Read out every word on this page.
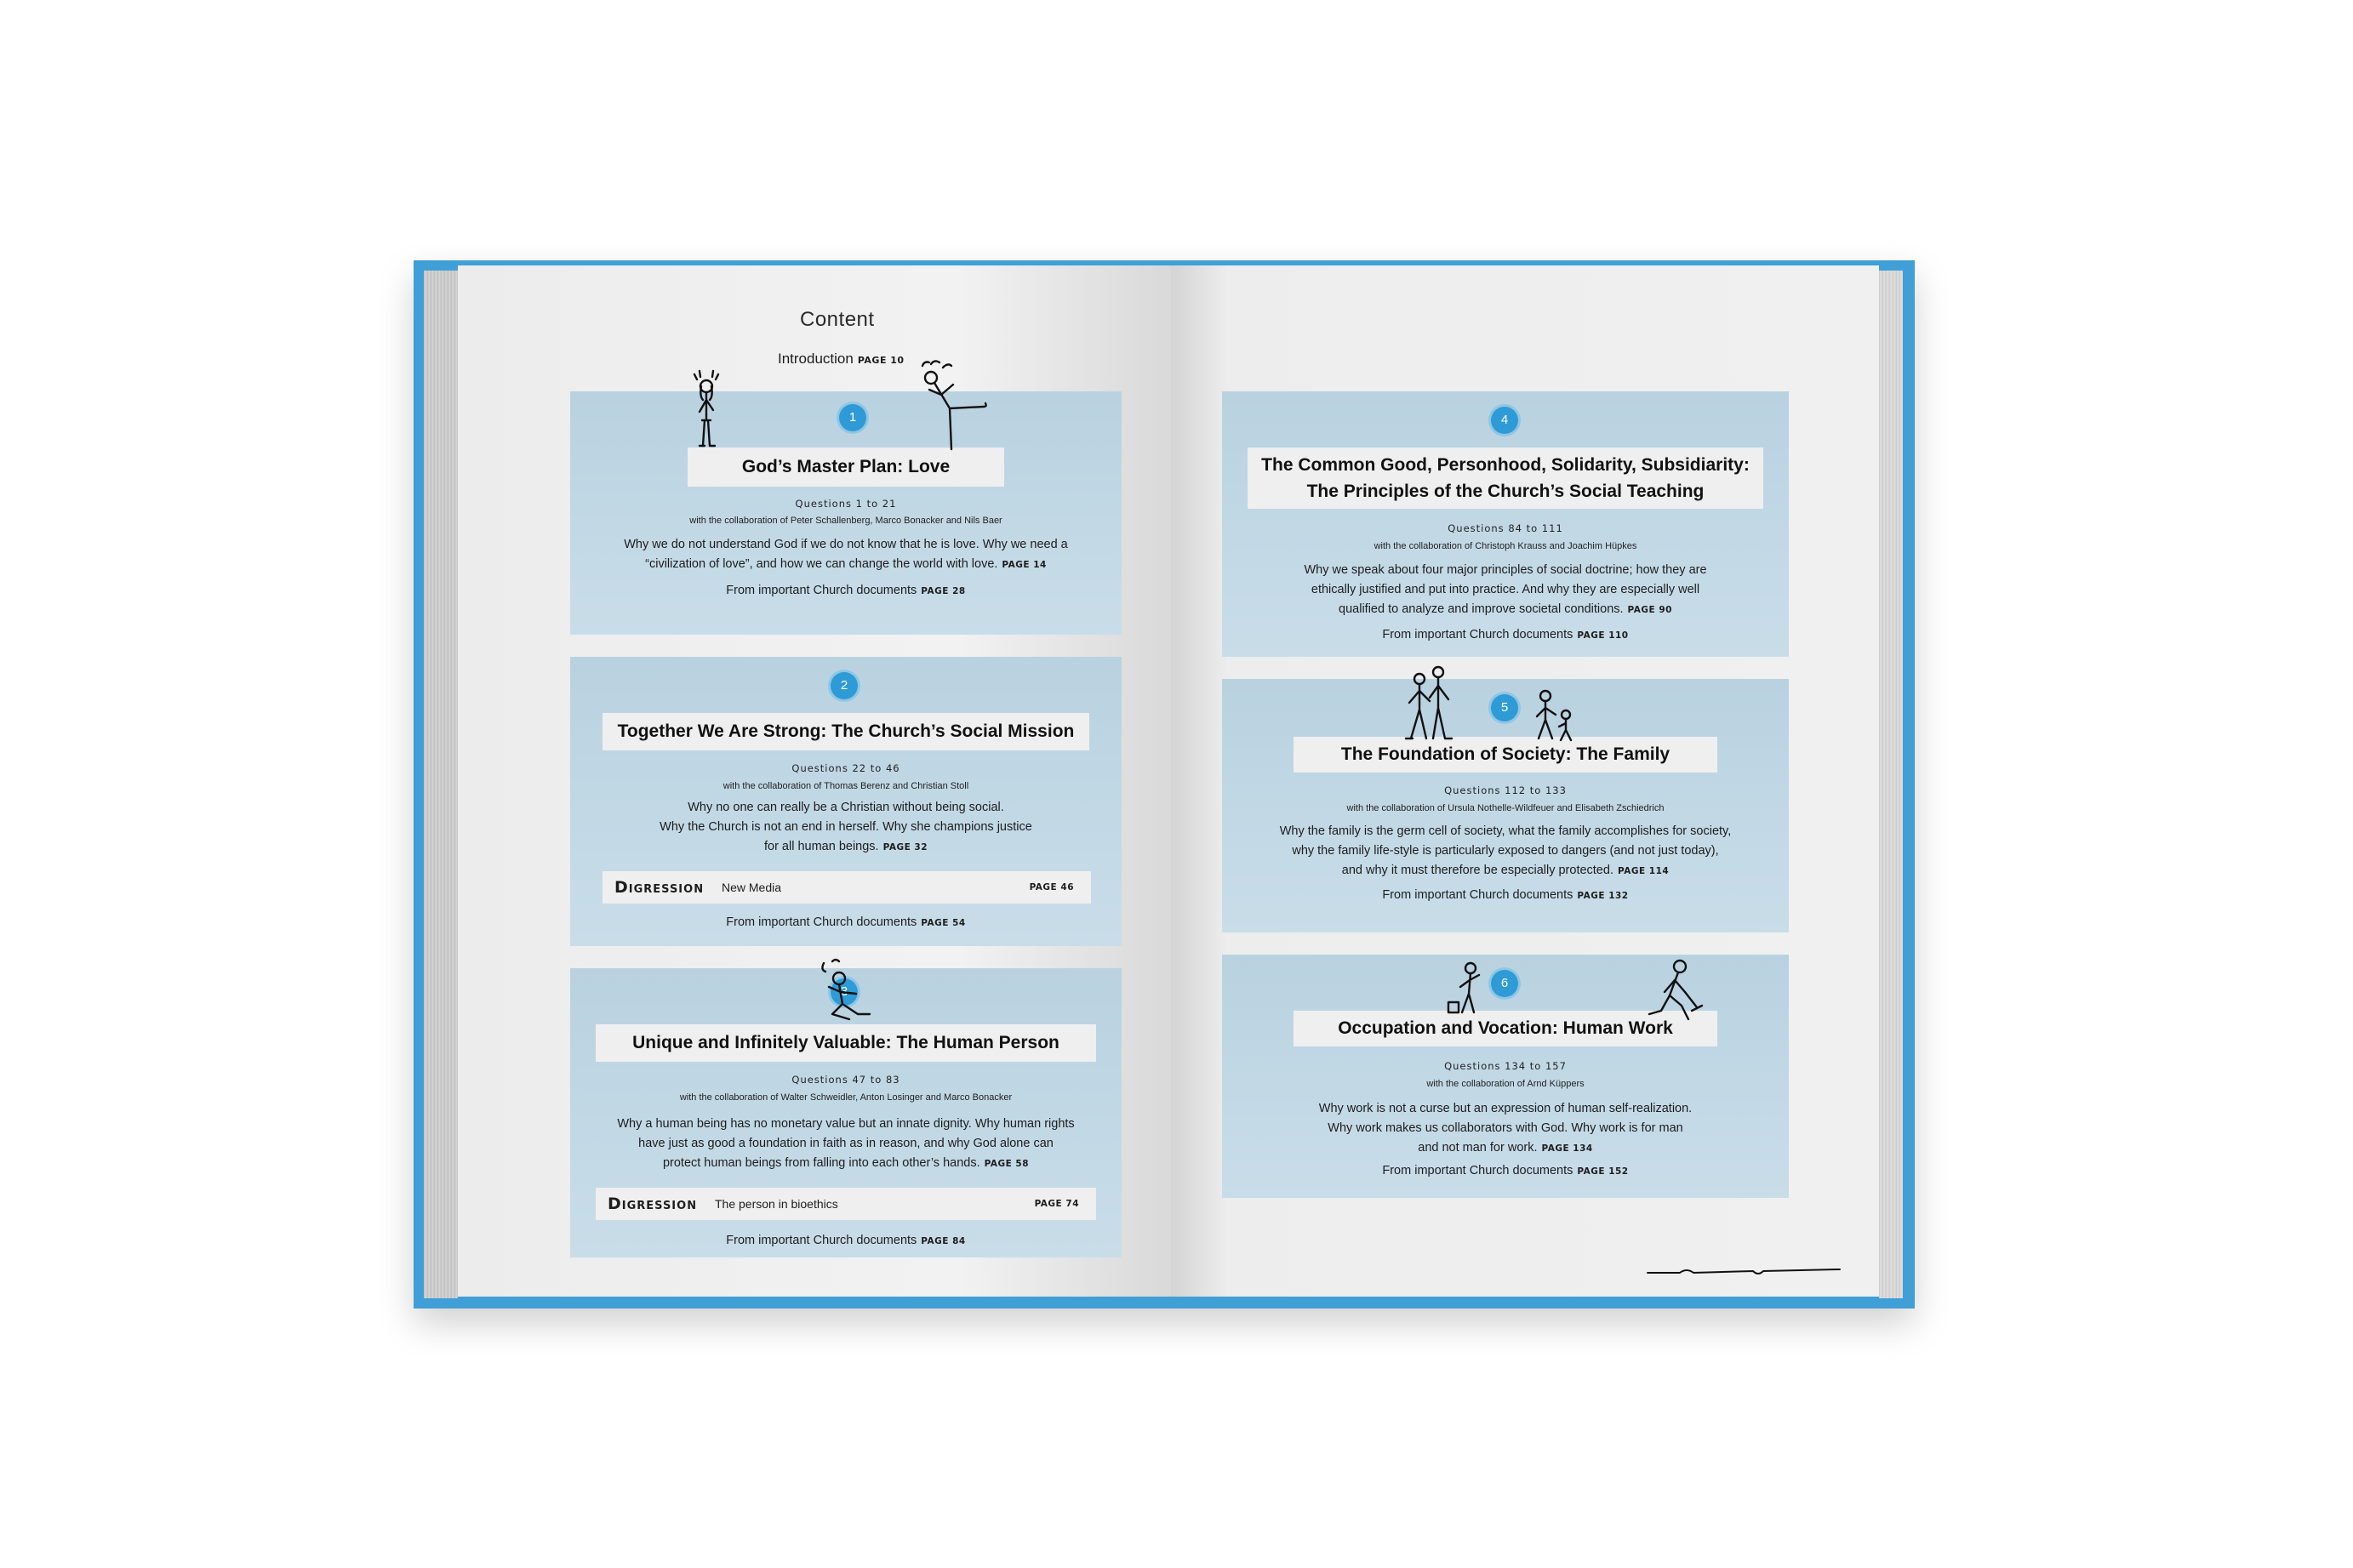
Content
Introduction PAGE 10
1
God’s Master Plan: Love
Questions 1 to 21
with the collaboration of Peter Schallenberg, Marco Bonacker and Nils Baer
Why we do not understand God if we do not know that he is love. Why we need a
“civilization of love”, and how we can change the world with love. PAGE 14
From important Church documents PAGE 28
2
Together We Are Strong: The Church’s Social Mission
Questions 22 to 46
with the collaboration of Thomas Berenz and Christian Stoll
Why no one can really be a Christian without being social.
Why the Church is not an end in herself. Why she champions justice
for all human beings. PAGE 32
Digression New Media	PAGE 46
From important Church documents PAGE 54
3
Unique and Infinitely Valuable: The Human Person
Questions 47 to 83
with the collaboration of Walter Schweidler, Anton Losinger and Marco Bonacker
Why a human being has no monetary value but an innate dignity. Why human rights
have just as good a foundation in faith as in reason, and why God alone can
protect human beings from falling into each other’s hands. PAGE 58
Digression The person in bioethics	PAGE 74
From important Church documents PAGE 84
4
The Common Good, Personhood, Solidarity, Subsidiarity:
The Principles of the Church’s Social Teaching
Questions 84 to 111
with the collaboration of Christoph Krauss and Joachim Hüpkes
Why we speak about four major principles of social doctrine; how they are
ethically justified and put into practice. And why they are especially well
qualified to analyze and improve societal conditions. PAGE 90
From important Church documents PAGE 110
5
The Foundation of Society: The Family
Questions 112 to 133
with the collaboration of Ursula Nothelle-Wildfeuer and Elisabeth Zschiedrich
Why the family is the germ cell of society, what the family accomplishes for society,
why the family life-style is particularly exposed to dangers (and not just today),
and why it must therefore be especially protected. PAGE 114
From important Church documents PAGE 132
6
Occupation and Vocation: Human Work
Questions 134 to 157
with the collaboration of Arnd Küppers
Why work is not a curse but an expression of human self-realization.
Why work makes us collaborators with God. Why work is for man
and not man for work. PAGE 134
From important Church documents PAGE 152
